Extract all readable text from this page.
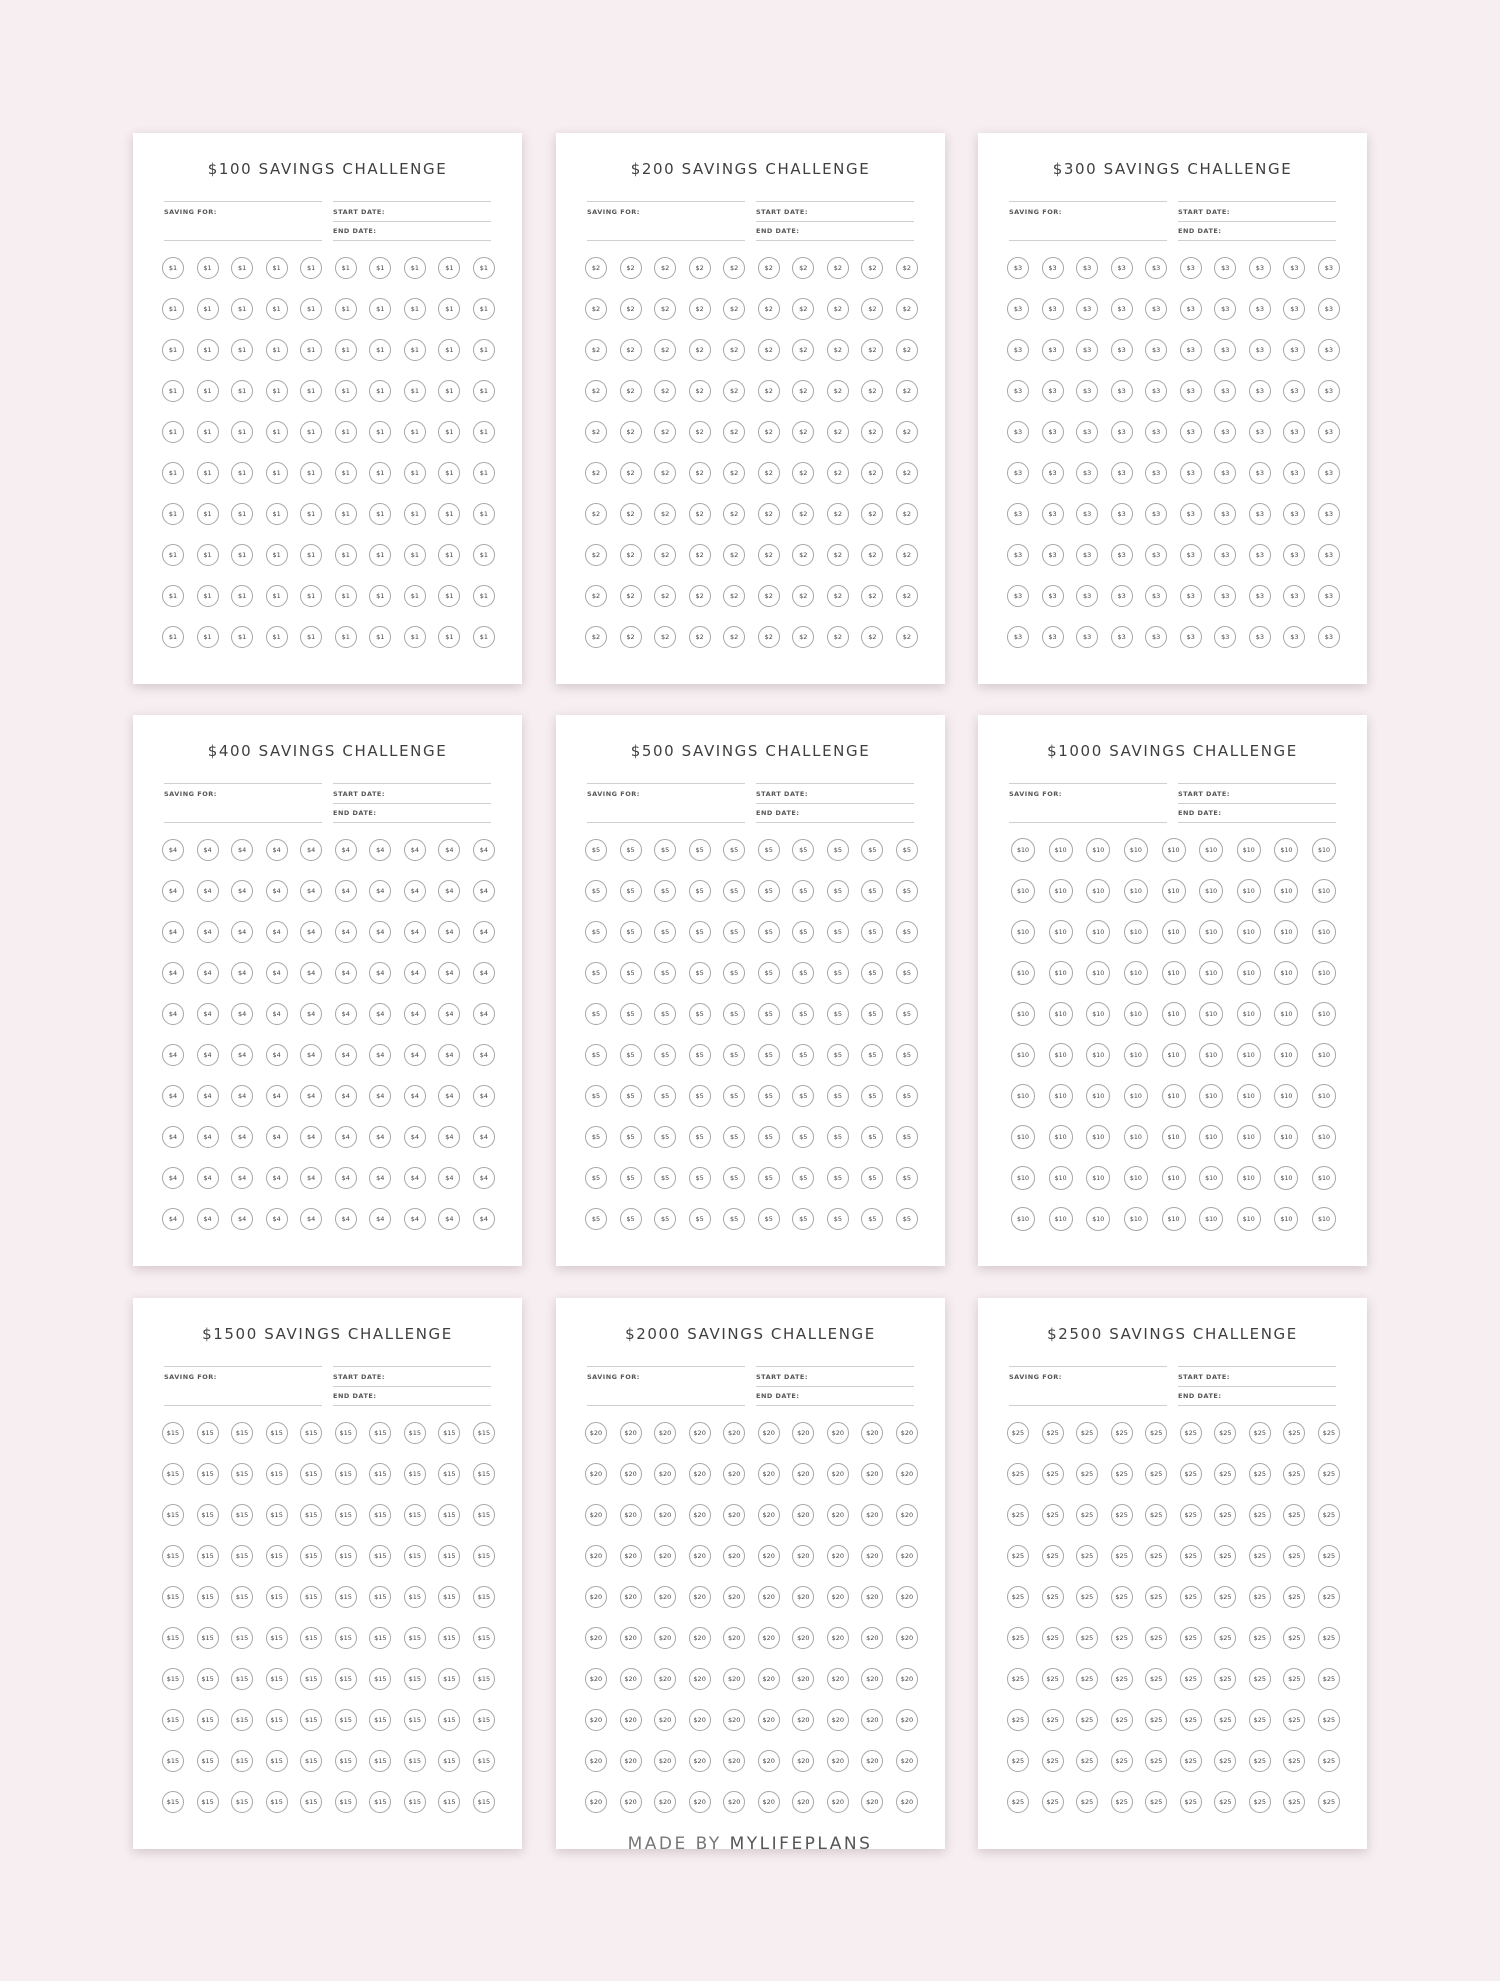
$100 SAVINGS CHALLENGE
SAVING FOR:	START DATE:
END DATE:
$1	$1	$1	$1	$1	$1	$1	$1	$1	$1
$1	$1	$1	$1	$1	$1	$1	$1	$1	$1
$1	$1	$1	$1	$1	$1	$1	$1	$1	$1
$1	$1	$1	$1	$1	$1	$1	$1	$1	$1
$1	$1	$1	$1	$1	$1	$1	$1	$1	$1
$1	$1	$1	$1	$1	$1	$1	$1	$1	$1
$1	$1	$1	$1	$1	$1	$1	$1	$1	$1
$1	$1	$1	$1	$1	$1	$1	$1	$1	$1
$1	$1	$1	$1	$1	$1	$1	$1	$1	$1
$1	$1	$1	$1	$1	$1	$1	$1	$1	$1
$200 SAVINGS CHALLENGE
SAVING FOR:	START DATE:
END DATE:
$2	$2	$2	$2	$2	$2	$2	$2	$2	$2
$2	$2	$2	$2	$2	$2	$2	$2	$2	$2
$2	$2	$2	$2	$2	$2	$2	$2	$2	$2
$2	$2	$2	$2	$2	$2	$2	$2	$2	$2
$2	$2	$2	$2	$2	$2	$2	$2	$2	$2
$2	$2	$2	$2	$2	$2	$2	$2	$2	$2
$2	$2	$2	$2	$2	$2	$2	$2	$2	$2
$2	$2	$2	$2	$2	$2	$2	$2	$2	$2
$2	$2	$2	$2	$2	$2	$2	$2	$2	$2
$2	$2	$2	$2	$2	$2	$2	$2	$2	$2
$300 SAVINGS CHALLENGE
SAVING FOR:	START DATE:
END DATE:
$3	$3	$3	$3	$3	$3	$3	$3	$3	$3
$3	$3	$3	$3	$3	$3	$3	$3	$3	$3
$3	$3	$3	$3	$3	$3	$3	$3	$3	$3
$3	$3	$3	$3	$3	$3	$3	$3	$3	$3
$3	$3	$3	$3	$3	$3	$3	$3	$3	$3
$3	$3	$3	$3	$3	$3	$3	$3	$3	$3
$3	$3	$3	$3	$3	$3	$3	$3	$3	$3
$3	$3	$3	$3	$3	$3	$3	$3	$3	$3
$3	$3	$3	$3	$3	$3	$3	$3	$3	$3
$3	$3	$3	$3	$3	$3	$3	$3	$3	$3
$400 SAVINGS CHALLENGE
SAVING FOR:	START DATE:
END DATE:
$4	$4	$4	$4	$4	$4	$4	$4	$4	$4
$4	$4	$4	$4	$4	$4	$4	$4	$4	$4
$4	$4	$4	$4	$4	$4	$4	$4	$4	$4
$4	$4	$4	$4	$4	$4	$4	$4	$4	$4
$4	$4	$4	$4	$4	$4	$4	$4	$4	$4
$4	$4	$4	$4	$4	$4	$4	$4	$4	$4
$4	$4	$4	$4	$4	$4	$4	$4	$4	$4
$4	$4	$4	$4	$4	$4	$4	$4	$4	$4
$4	$4	$4	$4	$4	$4	$4	$4	$4	$4
$4	$4	$4	$4	$4	$4	$4	$4	$4	$4
$500 SAVINGS CHALLENGE
SAVING FOR:	START DATE:
END DATE:
$5	$5	$5	$5	$5	$5	$5	$5	$5	$5
$5	$5	$5	$5	$5	$5	$5	$5	$5	$5
$5	$5	$5	$5	$5	$5	$5	$5	$5	$5
$5	$5	$5	$5	$5	$5	$5	$5	$5	$5
$5	$5	$5	$5	$5	$5	$5	$5	$5	$5
$5	$5	$5	$5	$5	$5	$5	$5	$5	$5
$5	$5	$5	$5	$5	$5	$5	$5	$5	$5
$5	$5	$5	$5	$5	$5	$5	$5	$5	$5
$5	$5	$5	$5	$5	$5	$5	$5	$5	$5
$5	$5	$5	$5	$5	$5	$5	$5	$5	$5
$1000 SAVINGS CHALLENGE
SAVING FOR:	START DATE:
END DATE:
$10	$10	$10	$10	$10	$10	$10	$10	$10
$10	$10	$10	$10	$10	$10	$10	$10	$10
$10	$10	$10	$10	$10	$10	$10	$10	$10
$10	$10	$10	$10	$10	$10	$10	$10	$10
$10	$10	$10	$10	$10	$10	$10	$10	$10
$10	$10	$10	$10	$10	$10	$10	$10	$10
$10	$10	$10	$10	$10	$10	$10	$10	$10
$10	$10	$10	$10	$10	$10	$10	$10	$10
$10	$10	$10	$10	$10	$10	$10	$10	$10
$10	$10	$10	$10	$10	$10	$10	$10	$10
$1500 SAVINGS CHALLENGE
SAVING FOR:	START DATE:
END DATE:
$15	$15	$15	$15	$15	$15	$15	$15	$15	$15
$15	$15	$15	$15	$15	$15	$15	$15	$15	$15
$15	$15	$15	$15	$15	$15	$15	$15	$15	$15
$15	$15	$15	$15	$15	$15	$15	$15	$15	$15
$15	$15	$15	$15	$15	$15	$15	$15	$15	$15
$15	$15	$15	$15	$15	$15	$15	$15	$15	$15
$15	$15	$15	$15	$15	$15	$15	$15	$15	$15
$15	$15	$15	$15	$15	$15	$15	$15	$15	$15
$15	$15	$15	$15	$15	$15	$15	$15	$15	$15
$15	$15	$15	$15	$15	$15	$15	$15	$15	$15
$2000 SAVINGS CHALLENGE
SAVING FOR:	START DATE:
END DATE:
$20	$20	$20	$20	$20	$20	$20	$20	$20	$20
$20	$20	$20	$20	$20	$20	$20	$20	$20	$20
$20	$20	$20	$20	$20	$20	$20	$20	$20	$20
$20	$20	$20	$20	$20	$20	$20	$20	$20	$20
$20	$20	$20	$20	$20	$20	$20	$20	$20	$20
$20	$20	$20	$20	$20	$20	$20	$20	$20	$20
$20	$20	$20	$20	$20	$20	$20	$20	$20	$20
$20	$20	$20	$20	$20	$20	$20	$20	$20	$20
$20	$20	$20	$20	$20	$20	$20	$20	$20	$20
$20	$20	$20	$20	$20	$20	$20	$20	$20	$20
$2500 SAVINGS CHALLENGE
SAVING FOR:	START DATE:
END DATE:
$25	$25	$25	$25	$25	$25	$25	$25	$25	$25
$25	$25	$25	$25	$25	$25	$25	$25	$25	$25
$25	$25	$25	$25	$25	$25	$25	$25	$25	$25
$25	$25	$25	$25	$25	$25	$25	$25	$25	$25
$25	$25	$25	$25	$25	$25	$25	$25	$25	$25
$25	$25	$25	$25	$25	$25	$25	$25	$25	$25
$25	$25	$25	$25	$25	$25	$25	$25	$25	$25
$25	$25	$25	$25	$25	$25	$25	$25	$25	$25
$25	$25	$25	$25	$25	$25	$25	$25	$25	$25
$25	$25	$25	$25	$25	$25	$25	$25	$25	$25
MADE BY MYLIFEPLANS
